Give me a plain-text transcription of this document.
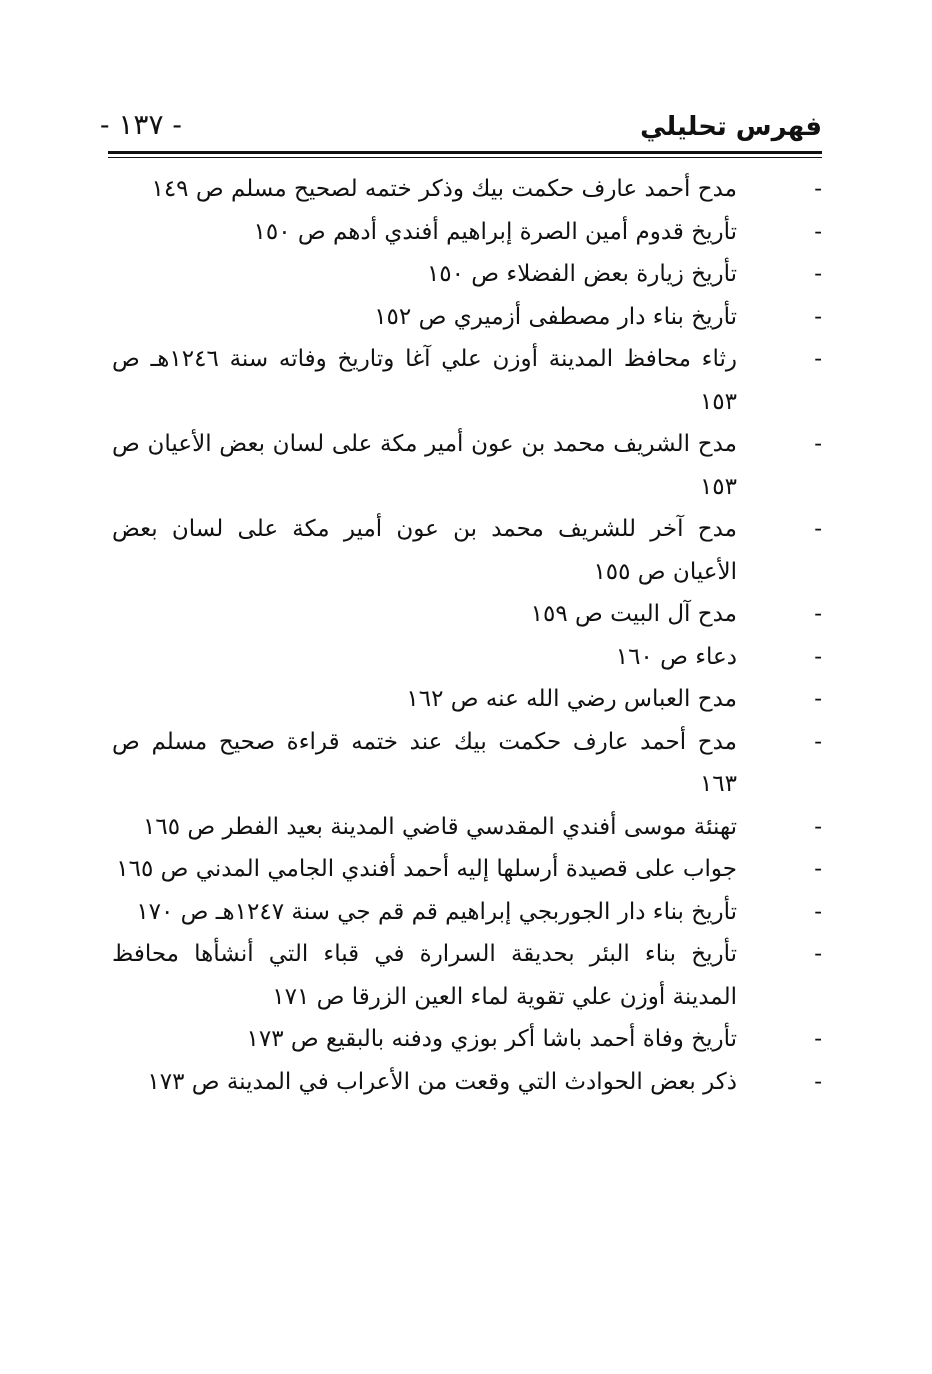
فهرس تحليلي
- ١٣٧ -
-
مدح أحمد عارف حكمت بيك وذكر ختمه لصحيح مسلم ص ١٤٩
-
تأريخ قدوم أمين الصرة إبراهيم أفندي أدهم ص ١٥٠
-
تأريخ زيارة بعض الفضلاء ص ١٥٠
-
تأريخ بناء دار مصطفى أزميري ص ١٥٢
-
رثاء محافظ المدينة أوزن علي آغا وتاريخ وفاته سنة ١٢٤٦هـ ص ١٥٣
-
مدح الشريف محمد بن عون أمير مكة على لسان بعض الأعيان ص ١٥٣
-
مدح آخر للشريف محمد بن عون أمير مكة على لسان بعض الأعيان ص ١٥٥
-
مدح آل البيت ص ١٥٩
-
دعاء ص ١٦٠
-
مدح العباس رضي الله عنه ص ١٦٢
-
مدح أحمد عارف حكمت بيك عند ختمه قراءة صحيح مسلم ص ١٦٣
-
تهنئة موسى أفندي المقدسي قاضي المدينة بعيد الفطر ص ١٦٥
-
جواب على قصيدة أرسلها إليه أحمد أفندي الجامي المدني ص ١٦٥
-
تأريخ بناء دار الجوربجي إبراهيم قم قم جي سنة ١٢٤٧هـ ص ١٧٠
-
تأريخ بناء البئر بحديقة السرارة في قباء التي أنشأها محافظ المدينة أوزن علي تقوية لماء العين الزرقا ص ١٧١
-
تأريخ وفاة أحمد باشا أكر بوزي ودفنه بالبقيع ص ١٧٣
-
ذكر بعض الحوادث التي وقعت من الأعراب في المدينة ص ١٧٣
